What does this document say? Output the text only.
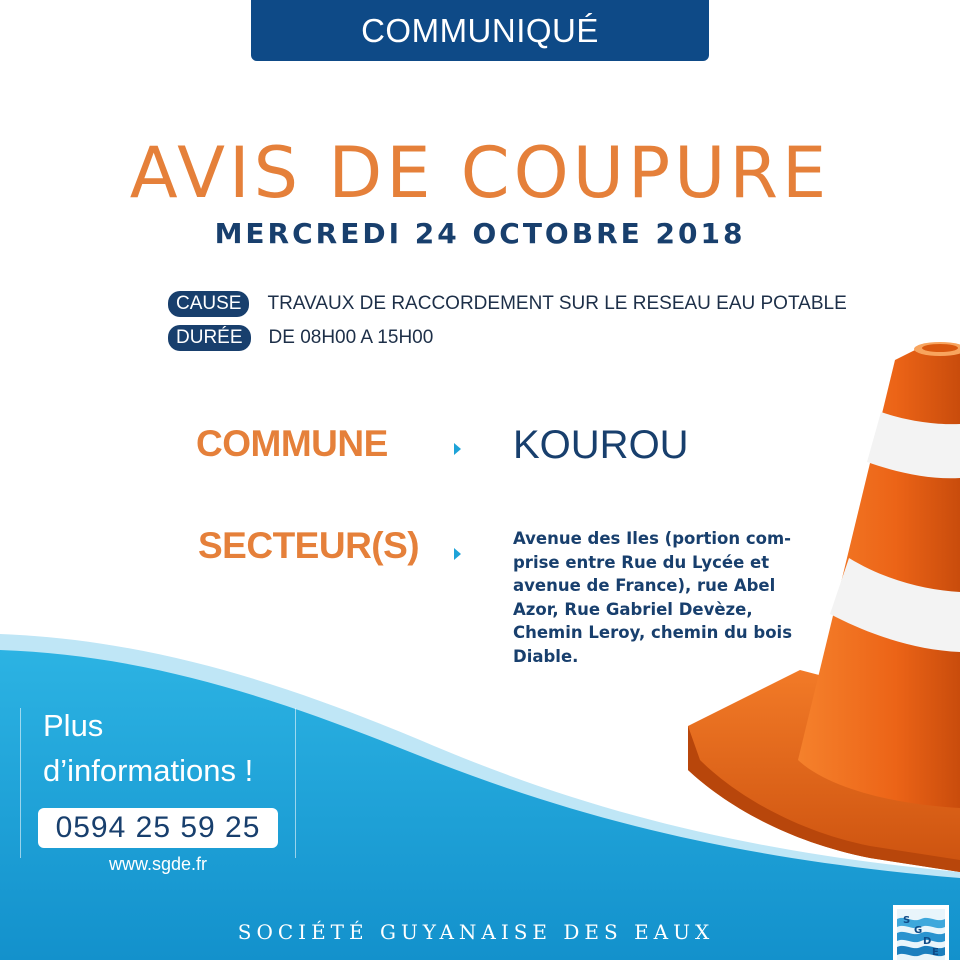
COMMUNIQUÉ
AVIS DE COUPURE
MERCREDI 24 OCTOBRE 2018
CAUSE	TRAVAUX DE RACCORDEMENT SUR LE RESEAU EAU POTABLE
DURÉE	DE 08H00 A 15H00
COMMUNE	KOUROU
SECTEUR(S)	Avenue des Iles (portion com-
prise entre Rue du Lycée et
avenue de France), rue Abel
Azor, Rue Gabriel Devèze,
Chemin Leroy, chemin du bois
Diable.
Plus
d’informations !
0594 25 59 25
www.sgde.fr
SOCIÉTÉ GUYANAISE DES EAUX	S
G
D
E
